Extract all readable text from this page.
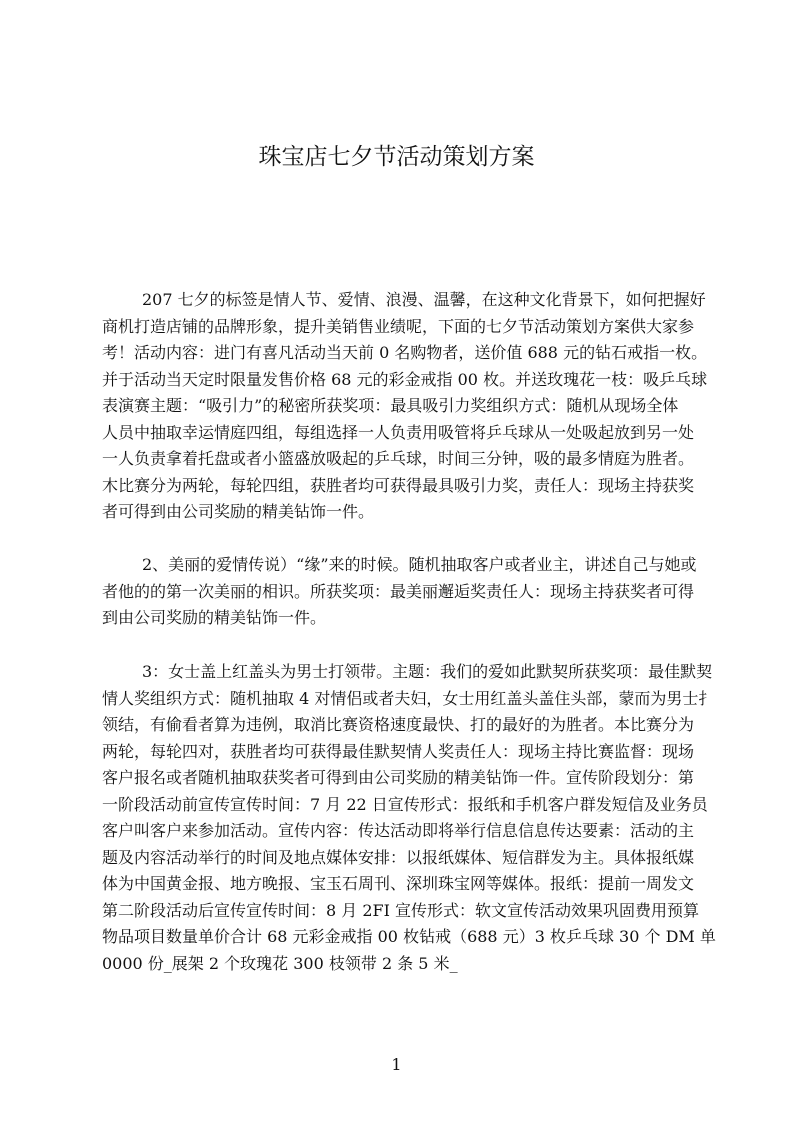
珠宝店七夕节活动策划方案
207 七夕的标签是情人节、爱情、浪漫、温馨，在这种文化背景下，如何把握好
商机打造店铺的品牌形象，提升美销售业绩呢，下面的七夕节活动策划方案供大家参
考！活动内容：进门有喜凡活动当天前 0 名购物者，送价值 688 元的钻石戒指一枚。
并于活动当天定时限量发售价格 68 元的彩金戒指 00 枚。并送玫瑰花一枝：吸乒乓球
表演赛主题：“吸引力”的秘密所获奖项：最具吸引力奖组织方式：随机从现场全体
人员中抽取幸运情庭四组，每组选择一人负责用吸管将乒乓球从一处吸起放到另一处
一人负责拿着托盘或者小篮盛放吸起的乒乓球，时间三分钟，吸的最多情庭为胜者。
木比赛分为两轮，每轮四组，获胜者均可获得最具吸引力奖，责任人：现场主持获奖
者可得到由公司奖励的精美钻饰一件。
2、美丽的爱情传说）“缘”来的时候。随机抽取客户或者业主，讲述自己与她或
者他的的第一次美丽的相识。所获奖项：最美丽邂逅奖责任人：现场主持获奖者可得
到由公司奖励的精美钻饰一件。
3：女士盖上红盖头为男士打领带。主题：我们的爱如此默契所获奖项：最佳默契
情人奖组织方式：随机抽取 4 对情侣或者夫妇，女士用红盖头盖住头部，蒙而为男士扌
领结，有偷看者算为违例，取消比赛资格速度最快、打的最好的为胜者。本比赛分为
两轮，每轮四对，获胜者均可获得最佳默契情人奖责任人：现场主持比赛监督：现场
客户报名或者随机抽取获奖者可得到由公司奖励的精美钻饰一件。宣传阶段划分：第
一阶段活动前宣传宣传时间：7 月 22 日宣传形式：报纸和手机客户群发短信及业务员
客户叫客户来参加活动。宣传内容：传达活动即将举行信息信息传达要素：活动的主
题及内容活动举行的时间及地点媒体安排：以报纸媒体、短信群发为主。具体报纸媒
体为中国黄金报、地方晚报、宝玉石周刊、深圳珠宝网等媒体。报纸：提前一周发文
第二阶段活动后宣传宣传时间：8 月 2FI 宣传形式：软文宣传活动效果巩固费用预算
物品项目数量单价合计 68 元彩金戒指 00 枚钻戒（688 元）3 枚乒乓球 30 个 DM 单
0000 份_展架 2 个玫瑰花 300 枝领带 2 条 5 米_
1
